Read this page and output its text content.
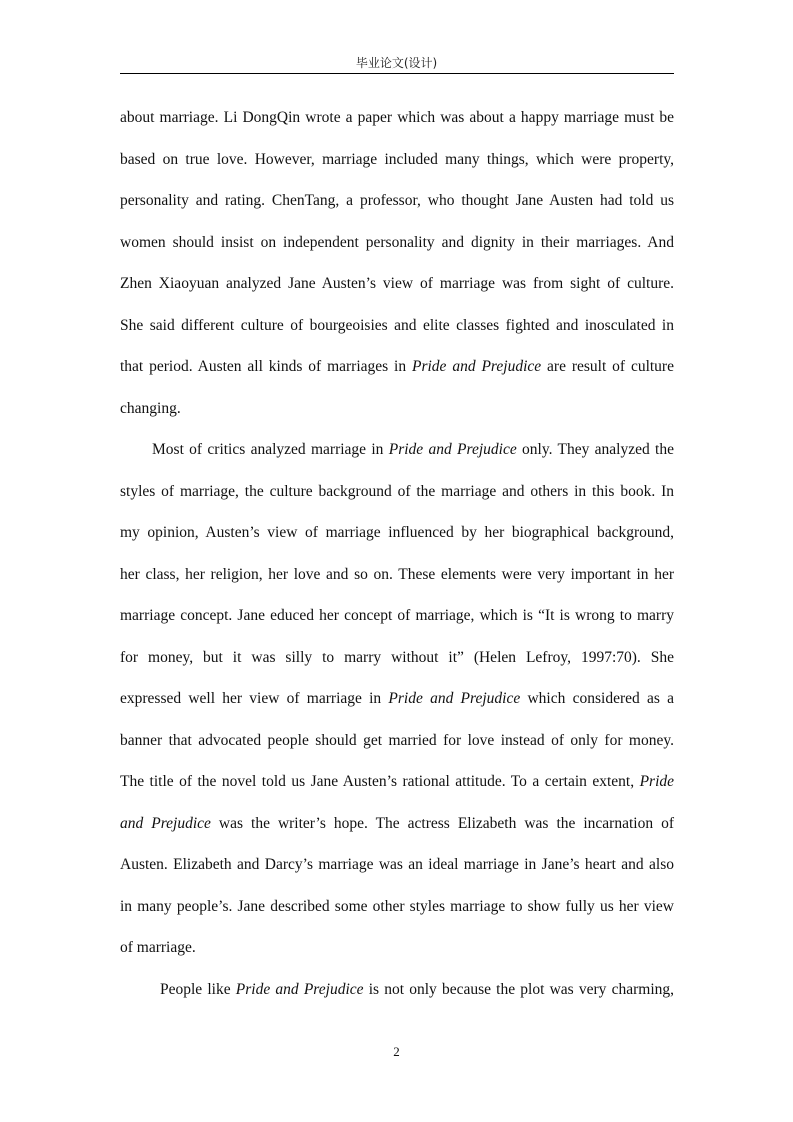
毕业论文(设计)
about marriage. Li DongQin wrote a paper which was about a happy marriage must be
based on true love. However, marriage included many things, which were property,
personality and rating. ChenTang, a professor, who thought Jane Austen had told us
women should insist on independent personality and dignity in their marriages. And
Zhen Xiaoyuan analyzed Jane Austen’s view of marriage was from sight of culture.
She said different culture of bourgeoisies and elite classes fighted and inosculated in
that period. Austen all kinds of marriages in Pride and Prejudice are result of culture
changing.
Most of critics analyzed marriage in Pride and Prejudice only. They analyzed the
styles of marriage, the culture background of the marriage and others in this book. In
my opinion, Austen’s view of marriage influenced by her biographical background,
her class, her religion, her love and so on. These elements were very important in her
marriage concept. Jane educed her concept of marriage, which is “It is wrong to marry
for money, but it was silly to marry without it” (Helen Lefroy, 1997:70). She
expressed well her view of marriage in Pride and Prejudice which considered as a
banner that advocated people should get married for love instead of only for money.
The title of the novel told us Jane Austen’s rational attitude. To a certain extent, Pride
and Prejudice was the writer’s hope. The actress Elizabeth was the incarnation of
Austen. Elizabeth and Darcy’s marriage was an ideal marriage in Jane’s heart and also
in many people’s. Jane described some other styles marriage to show fully us her view
of marriage.
People like Pride and Prejudice is not only because the plot was very charming,
2
